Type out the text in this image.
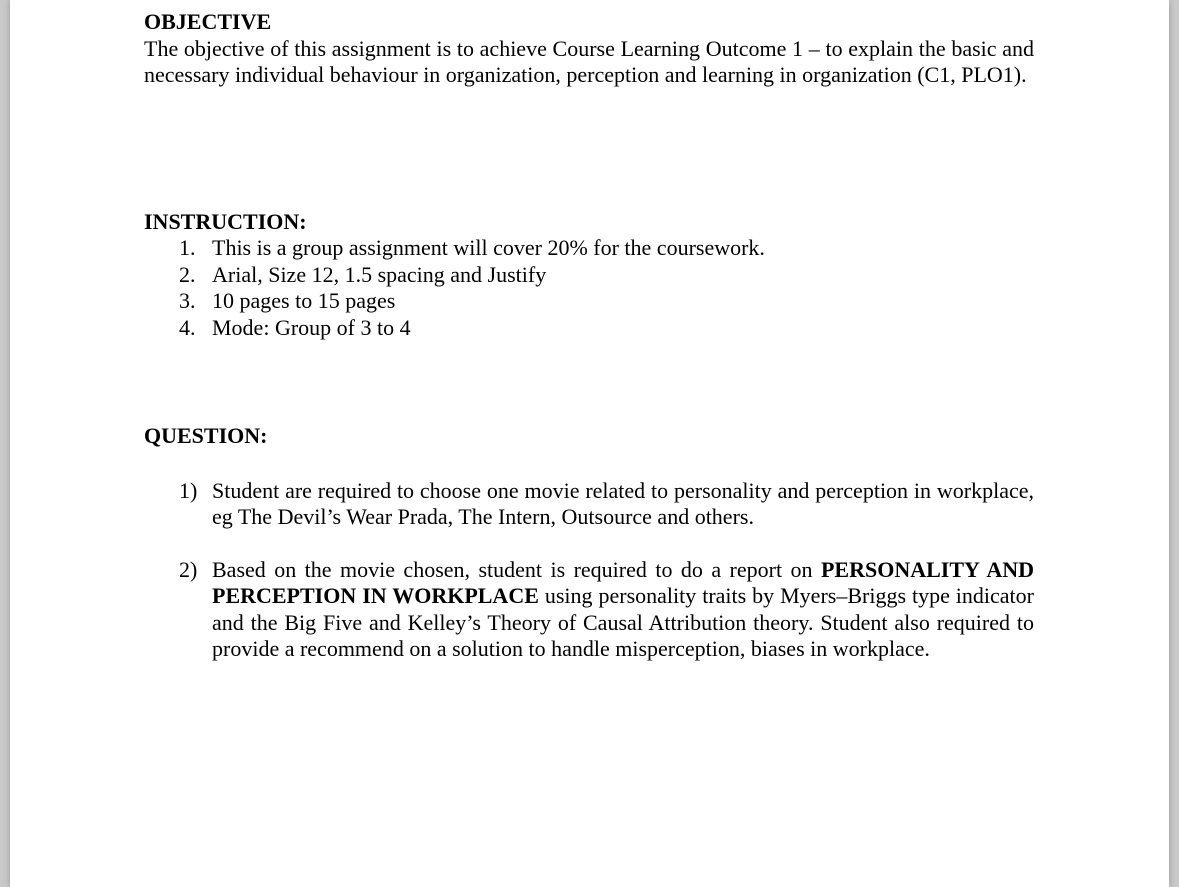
OBJECTIVE

The objective of this assignment is to achieve Course Learning Outcome 1 – to explain the basic and necessary individual behaviour in organization, perception and learning in organization (C1, PLO1).

INSTRUCTION:

1. This is a group assignment will cover 20% for the coursework.
2. Arial, Size 12, 1.5 spacing and Justify
3. 10 pages to 15 pages
4. Mode: Group of 3 to 4

QUESTION:

1) Student are required to choose one movie related to personality and perception in workplace, eg The Devil’s Wear Prada, The Intern, Outsource and others.
2) Based on the movie chosen, student is required to do a report on PERSONALITY AND PERCEPTION IN WORKPLACE using personality traits by Myers–Briggs type indicator and the Big Five and Kelley’s Theory of Causal Attribution theory. Student also required to provide a recommend on a solution to handle misperception, biases in workplace.
